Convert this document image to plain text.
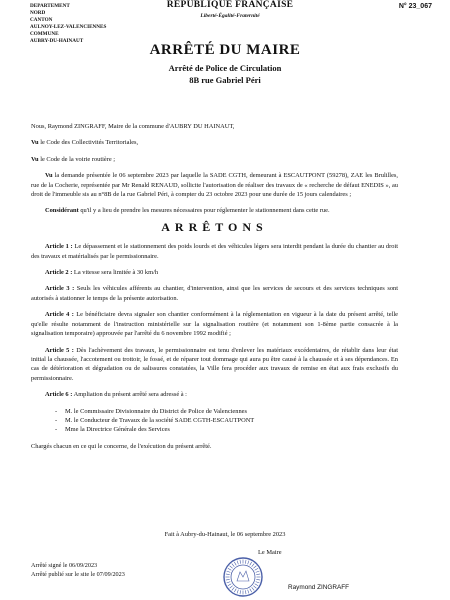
DEPARTEMENT
NORD
CANTON
AULNOY-LEZ-VALENCIENNES
COMMUNE
AUBRY-DU-HAINAUT
RÉPUBLIQUE FRANÇAISE
Liberté-Égalité-Fraternité
N° 23_067
ARRÊTÉ DU MAIRE
Arrêté de Police de Circulation
8B rue Gabriel Péri

Nous, Raymond ZINGRAFF, Maire de la commune d'AUBRY DU HAINAUT,

Vu le Code des Collectivités Territoriales,

Vu le Code de la voirie routière ;

Vu la demande présentée le 06 septembre 2023 par laquelle la SADE CGTH, demeurant à ESCAUTPONT (59278), ZAE les Brulilles, rue de la Cocherie, représentée par Mr Renald RENAUD, sollicite l'autorisation de réaliser des travaux de « recherche de défaut ENEDIS », au droit de l'immeuble sis au n°8B de la rue Gabriel Péri, à compter du 23 octobre 2023 pour une durée de 15 jours calendaires ;

Considérant qu'il y a lieu de prendre les mesures nécessaires pour réglementer le stationnement dans cette rue.

ARRÊTONS

Article 1 : Le dépassement et le stationnement des poids lourds et des véhicules légers sera interdit pendant la durée du chantier au droit des travaux et matérialisés par le permissionnaire.

Article 2 : La vitesse sera limitée à 30 km/h

Article 3 : Seuls les véhicules afférents au chantier, d'intervention, ainsi que les services de secours et des services techniques sont autorisés à stationner le temps de la présente autorisation.

Article 4 : Le bénéficiaire devra signaler son chantier conformément à la réglementation en vigueur à la date du présent arrêté, telle qu'elle résulte notamment de l'instruction ministérielle sur la signalisation routière (et notamment son 1-8ème partie consacrée à la signalisation temporaire) approuvée par l'arrêté du 6 novembre 1992 modifié ;

Article 5 : Dès l'achèvement des travaux, le permissionnaire est tenu d'enlever les matériaux excédentaires, de rétablir dans leur état initial la chaussée, l'accotement ou trottoir, le fossé, et de réparer tout dommage qui aura pu être causé à la chaussée et à ses dépendances. En cas de détérioration et dégradation ou de salissures constatées, la Ville fera procéder aux travaux de remise en état aux frais exclusifs du permissionnaire.

Article 6 : Ampliation du présent arrêté sera adressé à :

- M. le Commissaire Divisionnaire du District de Police de Valenciennes
- M. le Conducteur de Travaux de la société SADE CGTH-ESCAUTPONT
- Mme la Directrice Générale des Services

Chargés chacun en ce qui le concerne, de l'exécution du présent arrêté.

Fait à Aubry-du-Hainaut, le 06 septembre 2023
Le Maire
Arrêté signé le 06/09/2023
Arrêté publié sur le site le 07/09/2023
Raymond ZINGRAFF
